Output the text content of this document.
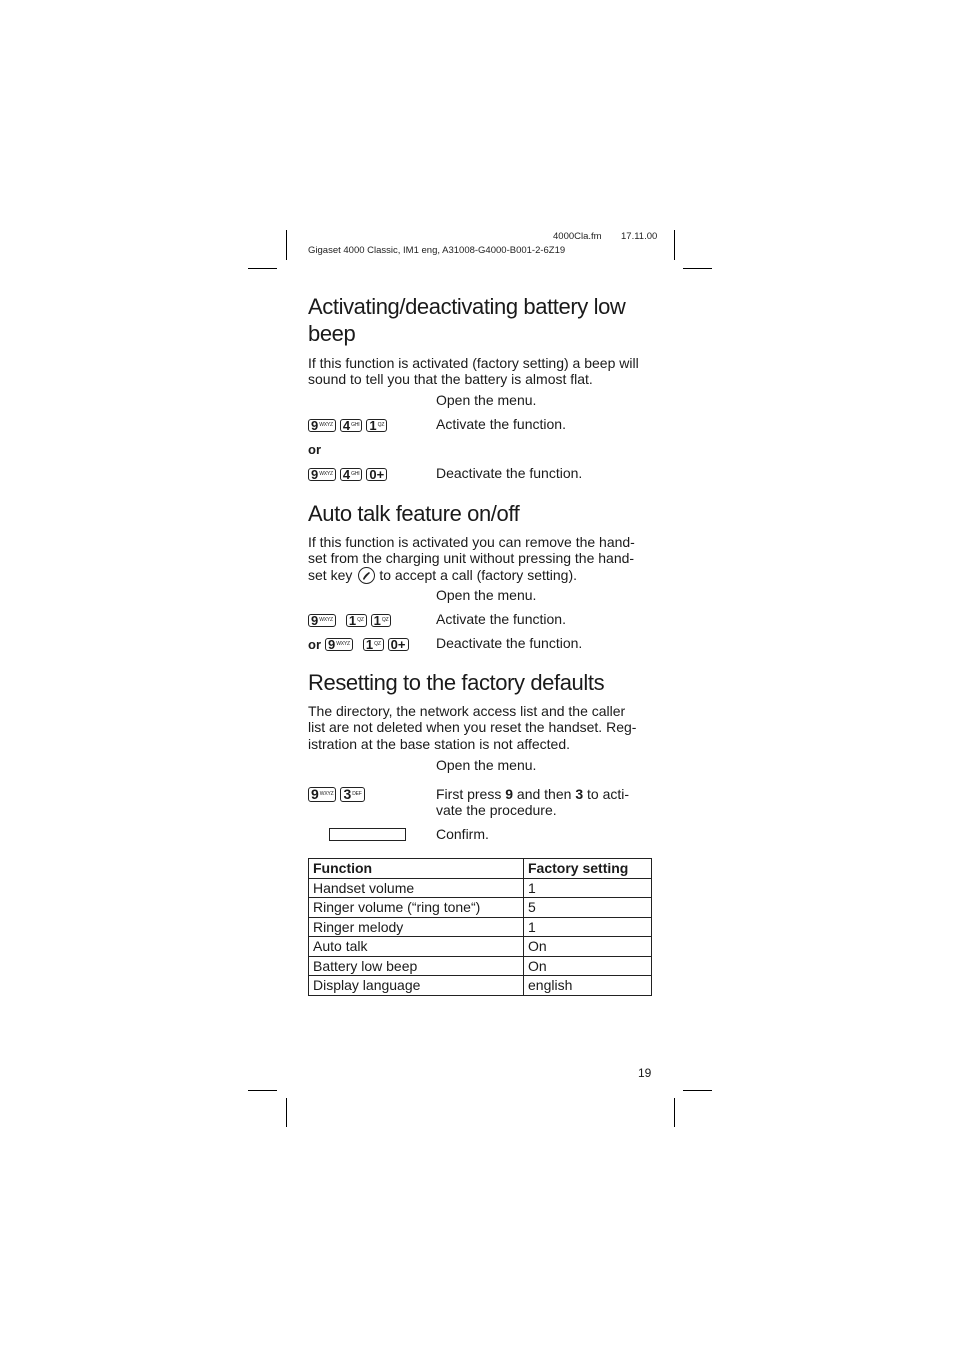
4000Cla.fm 17.11.00
Gigaset 4000 Classic, IM1 eng, A31008-G4000-B001-2-6Z19
Activating/deactivating battery low
beep
If this function is activated (factory setting) a beep will
sound to tell you that the battery is almost flat.
Open the menu.
9 WXYZ 4 GHI 1 QZ	Activate the function.
or
9 WXYZ 4 GHI 0+	Deactivate the function.
Auto talk feature on/off
If this function is activated you can remove the hand-
set from the charging unit without pressing the hand-
set key to accept a call (factory setting).
Open the menu.
9 WXYZ 1 QZ 1 QZ	Activate the function.
or 9 WXYZ 1 QZ 0+ Deactivate the function.
Resetting to the factory defaults
The directory, the network access list and the caller
list are not deleted when you reset the handset. Reg-
istration at the base station is not affected.
Open the menu.
9 WXYZ 3 DEF	First press 9 and then 3 to acti-
vate the procedure.
Confirm.
Function	Factory setting
Handset volume	1
Ringer volume (“ring tone“)	5
Ringer melody	1
Auto talk	On
Battery low beep	On
Display language	english
19
